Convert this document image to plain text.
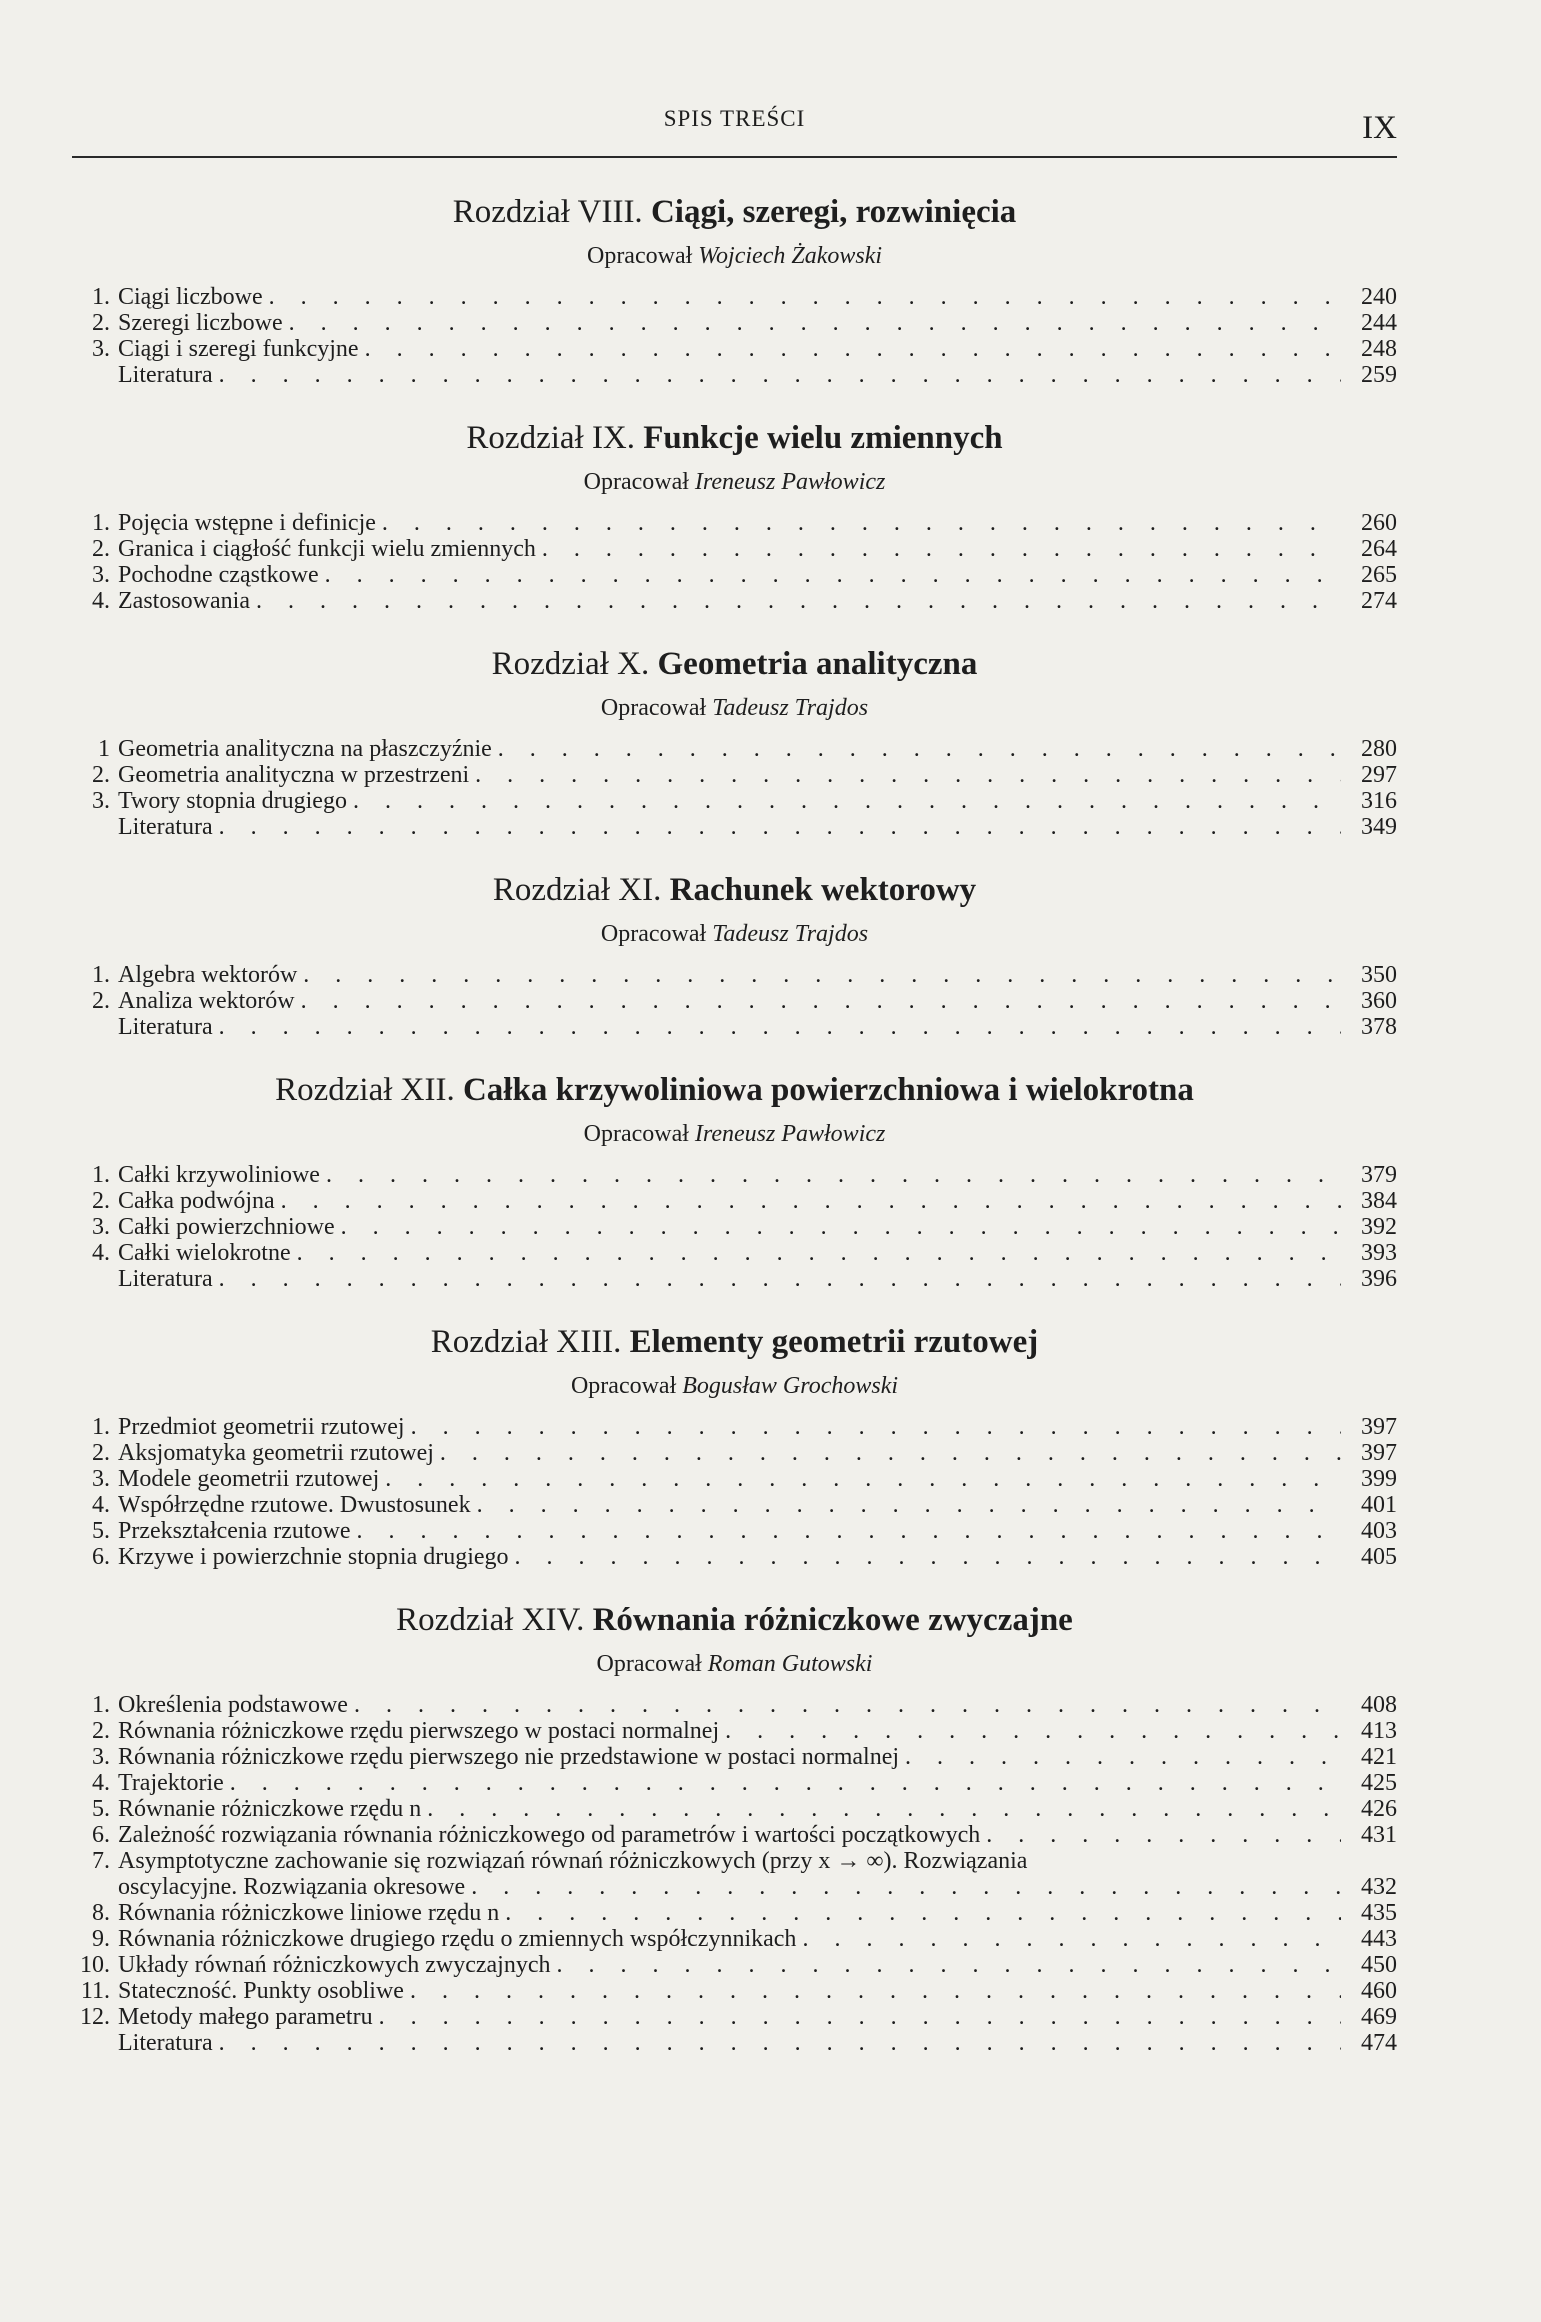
SPIS TREŚCI	IX
Rozdział VIII. Ciągi, szeregi, rozwinięcia
Opracował Wojciech Żakowski
1. Ciągi liczbowe . . .	240
2. Szeregi liczbowe . . .	244
3. Ciągi i szeregi funkcyjne . . .	248
Literatura . . .	259
Rozdział IX. Funkcje wielu zmiennych
Opracował Ireneusz Pawłowicz
1. Pojęcia wstępne i definicje . . .	260
2. Granica i ciągłość funkcji wielu zmiennych . . .	264
3. Pochodne cząstkowe . . .	265
4. Zastosowania . . .	274
Rozdział X. Geometria analityczna
Opracował Tadeusz Trajdos
1 Geometria analityczna na płaszczyźnie . . .	280
2. Geometria analityczna w przestrzeni . . .	297
3. Twory stopnia drugiego . . .	316
Literatura . . .	349
Rozdział XI. Rachunek wektorowy
Opracował Tadeusz Trajdos
1. Algebra wektorów . . .	350
2. Analiza wektorów . . .	360
Literatura . . .	378
Rozdział XII. Całka krzywoliniowa powierzchniowa i wielokrotna
Opracował Ireneusz Pawłowicz
1. Całki krzywoliniowe . . .	379
2. Całka podwójna . . .	384
3. Całki powierzchniowe . . .	392
4. Całki wielokrotne . . .	393
Literatura . . .	396
Rozdział XIII. Elementy geometrii rzutowej
Opracował Bogusław Grochowski
1. Przedmiot geometrii rzutowej . . .	397
2. Aksjomatyka geometrii rzutowej . . .	397
3. Modele geometrii rzutowej . . .	399
4. Współrzędne rzutowe. Dwustosunek . . .	401
5. Przekształcenia rzutowe . . .	403
6. Krzywe i powierzchnie stopnia drugiego . . .	405
Rozdział XIV. Równania różniczkowe zwyczajne
Opracował Roman Gutowski
1. Określenia podstawowe . . .	408
2. Równania różniczkowe rzędu pierwszego w postaci normalnej . . .	413
3. Równania różniczkowe rzędu pierwszego nie przedstawione w postaci normalnej . . .	421
4. Trajektorie . . .	425
5. Równanie różniczkowe rzędu n . . .	426
6. Zależność rozwiązania równania różniczkowego od parametrów i wartości początkowych . . .	431
7. Asymptotyczne zachowanie się rozwiązań równań różniczkowych (przy x → ∞). Rozwiązania
oscylacyjne. Rozwiązania okresowe . . .	432
8. Równania różniczkowe liniowe rzędu n . . .	435
9. Równania różniczkowe drugiego rzędu o zmiennych współczynnikach . . .	443
10. Układy równań różniczkowych zwyczajnych . . .	450
11. Stateczność. Punkty osobliwe . . .	460
12. Metody małego parametru . . .	469
Literatura . . .	474
